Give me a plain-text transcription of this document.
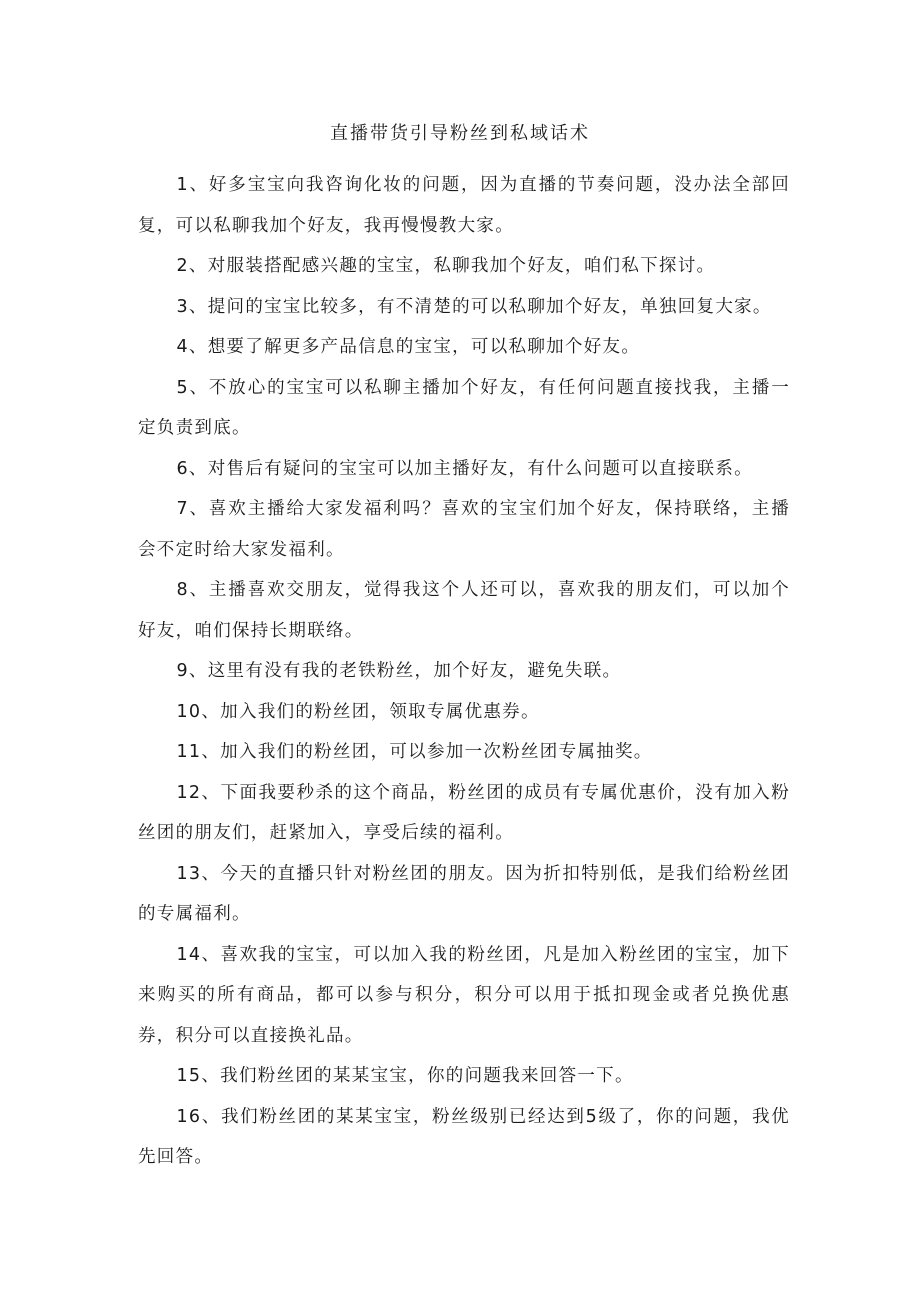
直播带货引导粉丝到私域话术

1、好多宝宝向我咨询化妆的问题，因为直播的节奏问题，没办法全部回复，可以私聊我加个好友，我再慢慢教大家。

2、对服装搭配感兴趣的宝宝，私聊我加个好友，咱们私下探讨。

3、提问的宝宝比较多，有不清楚的可以私聊加个好友，单独回复大家。

4、想要了解更多产品信息的宝宝，可以私聊加个好友。

5、不放心的宝宝可以私聊主播加个好友，有任何问题直接找我，主播一定负责到底。

6、对售后有疑问的宝宝可以加主播好友，有什么问题可以直接联系。

7、喜欢主播给大家发福利吗？喜欢的宝宝们加个好友，保持联络，主播会不定时给大家发福利。

8、主播喜欢交朋友，觉得我这个人还可以，喜欢我的朋友们，可以加个好友，咱们保持长期联络。

9、这里有没有我的老铁粉丝，加个好友，避免失联。

10、加入我们的粉丝团，领取专属优惠券。

11、加入我们的粉丝团，可以参加一次粉丝团专属抽奖。

12、下面我要秒杀的这个商品，粉丝团的成员有专属优惠价，没有加入粉丝团的朋友们，赶紧加入，享受后续的福利。

13、今天的直播只针对粉丝团的朋友。因为折扣特别低，是我们给粉丝团的专属福利。

14、喜欢我的宝宝，可以加入我的粉丝团，凡是加入粉丝团的宝宝，加下来购买的所有商品，都可以参与积分，积分可以用于抵扣现金或者兑换优惠券，积分可以直接换礼品。

15、我们粉丝团的某某宝宝，你的问题我来回答一下。

16、我们粉丝团的某某宝宝，粉丝级别已经达到5级了，你的问题，我优先回答。
